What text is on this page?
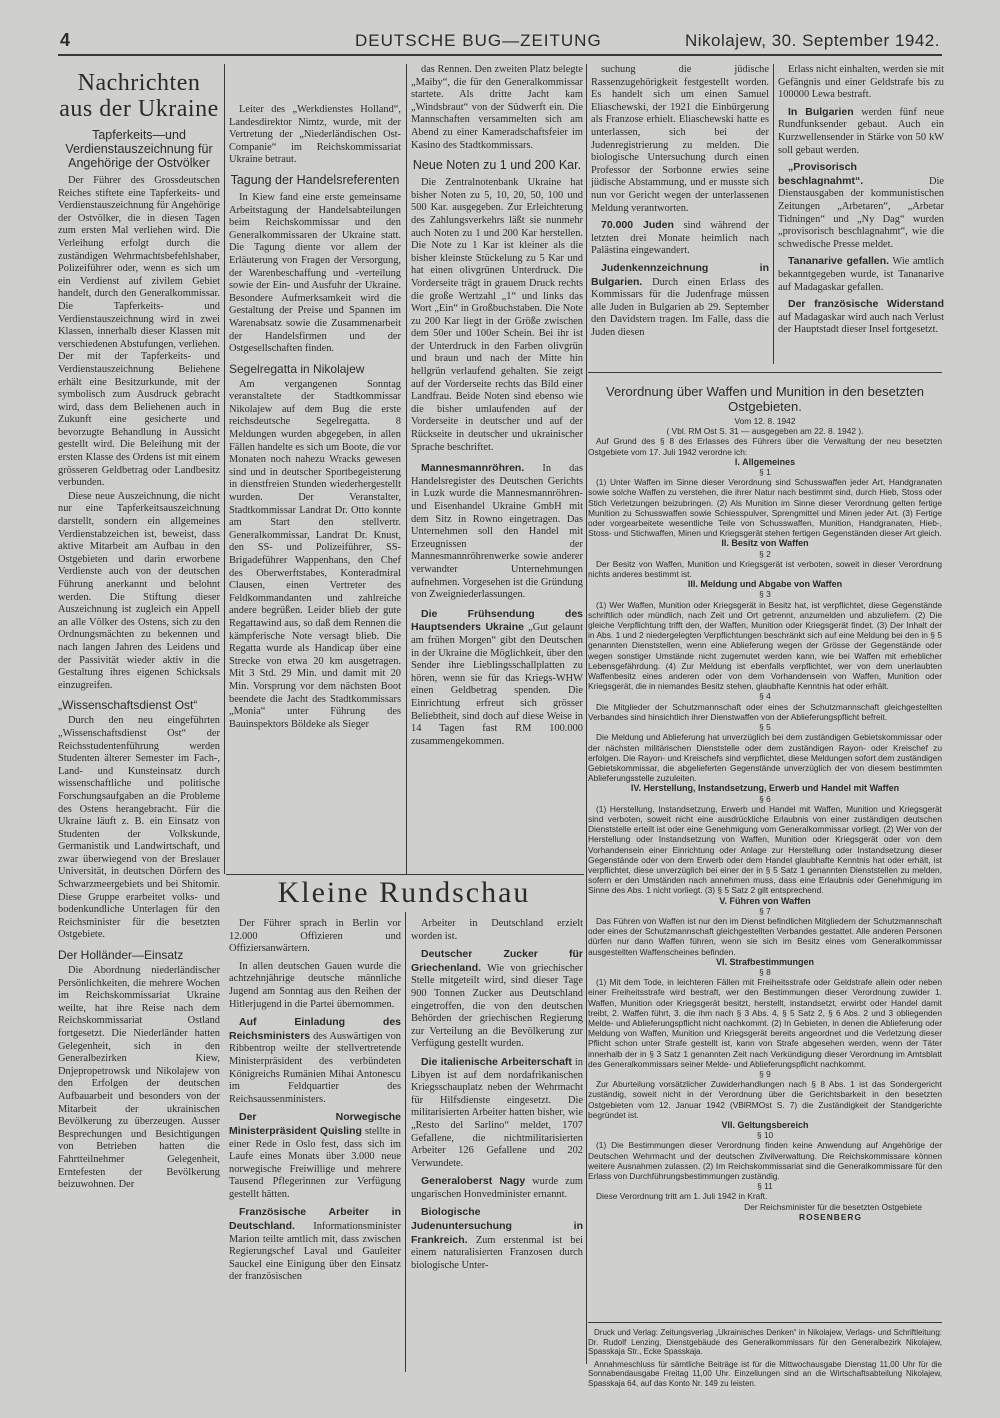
4	DEUTSCHE BUG—ZEITUNG	Nikolajew, 30. September 1942.
Nachrichten aus der Ukraine
Tapferkeits—und Verdienstauszeichnung für Angehörige der Ostvölker

Der Führer des Grossdeutschen Reiches stiftete eine Tapferkeits- und Verdienstauszeichnung für Angehörige der Ostvölker, die in diesen Tagen zum ersten Mal verliehen wird. Die Verleihung erfolgt durch die zuständigen Wehrmachtsbefehlshaber, Polizeiführer oder, wenn es sich um ein Verdienst auf zivilem Gebiet handelt, durch den Generalkommissar. Die Tapferkeits- und Verdienstauszeichnung wird in zwei Klassen, innerhalb dieser Klassen mit verschiedenen Abstufungen, verliehen. Der mit der Tapferkeits- und Verdienstauszeichnung Beliehene erhält eine Besitzurkunde, mit der symbolisch zum Ausdruck gebracht wird, dass dem Beliehenen auch in Zukunft eine gesicherte und bevorzugte Behandlung in Aussicht gestellt wird. Die Beleihung mit der ersten Klasse des Ordens ist mit einem grösseren Geldbetrag oder Landbesitz verbunden.

Diese neue Auszeichnung, die nicht nur eine Tapferkeitsauszeichnung darstellt, sondern ein allgemeines Verdienstabzeichen ist, beweist, dass aktive Mitarbeit am Aufbau in den Ostgebieten und darin erworbene Verdienste auch von der deutschen Führung anerkannt und belohnt werden. Die Stiftung dieser Auszeichnung ist zugleich ein Appell an alle Völker des Ostens, sich zu den Ordnungsmächten zu bekennen und nach langen Jahren des Leidens und der Passivität wieder aktiv in die Gestaltung ihres eigenen Schicksals einzugreifen.

„Wissenschaftsdienst Ost“

Durch den neu eingeführten „Wissenschaftsdienst Ost“ der Reichsstudentenführung werden Studenten älterer Semester im Fach-, Land- und Kunsteinsatz durch wissenschaftliche und politische Forschungsaufgaben an die Probleme des Ostens herangebracht. Für die Ukraine läuft z. B. ein Einsatz von Studenten der Volkskunde, Germanistik und Landwirtschaft, und zwar überwiegend von der Breslauer Universität, in deutschen Dörfern des Schwarzmeergebiets und bei Shitomir. Diese Gruppe erarbeitet volks- und bodenkundliche Unterlagen für den Reichsminister für die besetzten Ostgebiete.

Der Holländer—Einsatz

Die Abordnung niederländischer Persönlichkeiten, die mehrere Wochen im Reichskommissariat Ukraine weilte, hat ihre Reise nach dem Reichskommissariat Ostland fortgesetzt. Die Niederländer hatten Gelegenheit, sich in den Generalbezirken Kiew, Dnjepropetrowsk und Nikolajew von den Erfolgen der deutschen Aufbauarbeit und besonders von der Mitarbeit der ukrainischen Bevölkerung zu überzeugen. Ausser Besprechungen und Besichtigungen von Betrieben hatten die Fahrtteilnehmer Gelegenheit, Erntefesten der Bevölkerung beizuwohnen. Der

Leiter des „Werkdienstes Holland“, Landesdirektor Nimtz, wurde, mit der Vertretung der „Niederländischen Ost-Companie“ im Reichskommissariat Ukraine betraut.

Tagung der Handelsreferenten

In Kiew fand eine erste gemeinsame Arbeitstagung der Handelsabteilungen beim Reichskommissar und den Generalkommissaren der Ukraine statt. Die Tagung diente vor allem der Erläuterung von Fragen der Versorgung, der Warenbeschaffung und -verteilung sowie der Ein- und Ausfuhr der Ukraine. Besondere Aufmerksamkeit wird die Gestaltung der Preise und Spannen im Warenabsatz sowie die Zusammenarbeit der Handelsfirmen und der Ostgesellschaften finden.

Segelregatta in Nikolajew

Am vergangenen Sonntag veranstaltete der Stadtkommissar Nikolajew auf dem Bug die erste reichsdeutsche Segelregatta. 8 Meldungen wurden abgegeben, in allen Fällen handelte es sich um Boote, die vor Monaten noch nahezu Wracks gewesen sind und in deutscher Sportbegeisterung in dienstfreien Stunden wiederhergestellt wurden. Der Veranstalter, Stadtkommissar Landrat Dr. Otto konnte am Start den stellvertr. Generalkommissar, Landrat Dr. Knust, den SS- und Polizeiführer, SS-Brigadeführer Wappenhans, den Chef des Oberwerftstabes, Konteradmiral Clausen, einen Vertreter des Feldkommandanten und zahlreiche andere begrüßen. Leider blieb der gute Regattawind aus, so daß dem Rennen die kämpferische Note versagt blieb. Die Regatta wurde als Handicap über eine Strecke von etwa 20 km ausgetragen. Mit 3 Std. 29 Min. und damit mit 20 Min. Vorsprung vor dem nächsten Boot beendete die Jacht des Stadtkommissars „Monia“ unter Führung des Bauinspektors Böldeke als Sieger

das Rennen. Den zweiten Platz belegte „Maiby“, die für den Generalkommissar startete. Als dritte Jacht kam „Windsbraut“ von der Südwerft ein. Die Mannschaften versammelten sich am Abend zu einer Kameradschaftsfeier im Kasino des Stadtkommissars.

Neue Noten zu 1 und 200 Kar.

Die Zentralnotenbank Ukraine hat bisher Noten zu 5, 10, 20, 50, 100 und 500 Kar. ausgegeben. Zur Erleichterung des Zahlungsverkehrs läßt sie nunmehr auch Noten zu 1 und 200 Kar herstellen. Die Note zu 1 Kar ist kleiner als die bisher kleinste Stückelung zu 5 Kar und hat einen olivgrünen Unterdruck. Die Vorderseite trägt in grauem Druck rechts die große Wertzahl „1“ und links das Wort „Ein“ in Großbuchstaben. Die Note zu 200 Kar liegt in der Größe zwischen dem 50er und 100er Schein. Bei ihr ist der Unterdruck in den Farben olivgrün und braun und nach der Mitte hin hellgrün verlaufend gehalten. Sie zeigt auf der Vorderseite rechts das Bild einer Landfrau. Beide Noten sind ebenso wie die bisher umlaufenden auf der Vorderseite in deutscher und auf der Rückseite in deutscher und ukrainischer Sprache beschriftet.

Mannesmannröhren. In das Handelsregister des Deutschen Gerichts in Luzk wurde die Mannesmannröhren- und Eisenhandel Ukraine GmbH mit dem Sitz in Rowno eingetragen. Das Unternehmen soll den Handel mit Erzeugnissen der Mannesmannröhrenwerke sowie anderer verwandter Unternehmungen aufnehmen. Vorgesehen ist die Gründung von Zweigniederlassungen.

Die Frühsendung des Hauptsenders Ukraine „Gut gelaunt am frühen Morgen“ gibt den Deutschen in der Ukraine die Möglichkeit, über den Sender ihre Lieblingsschallplatten zu hören, wenn sie für das Kriegs-WHW einen Geldbetrag spenden. Die Einrichtung erfreut sich grösser Beliebtheit, sind doch auf diese Weise in 14 Tagen fast RM 100.000 zusammengekommen.

suchung die jüdische Rassenzugehörigkeit festgestellt worden. Es handelt sich um einen Samuel Eliaschewski, der 1921 die Einbürgerung als Franzose erhielt. Eliaschewski hatte es unterlassen, sich bei der Judenregistrierung zu melden. Die biologische Untersuchung durch einen Professor der Sorbonne erwies seine jüdische Abstammung, und er musste sich nun vor Gericht wegen der unterlassenen Meldung verantworten.

70.000 Juden sind während der letzten drei Monate heimlich nach Palästina eingewandert.

Judenkennzeichnung in Bulgarien. Durch einen Erlass des Kommissars für die Judenfrage müssen alle Juden in Bulgarien ab 29. September den Davidstern tragen. Im Falle, dass die Juden diesen

Erlass nicht einhalten, werden sie mit Gefängnis und einer Geldstrafe bis zu 100000 Lewa bestraft.

In Bulgarien werden fünf neue Rundfunksender gebaut. Auch ein Kurzwellensender in Stärke von 50 kW soll gebaut werden.

„Provisorisch beschlagnahmt“.	Die Dienstausgaben der kommunistischen Zeitungen „Arbetaren“, „Arbetar Tidningen“ und „Ny Dag“ wurden „provisorisch beschlagnahmt“, wie die schwedische Presse meldet.

Tananarive gefallen. Wie amtlich bekanntgegeben wurde, ist Tananarive auf Madagaskar gefallen.

Der französische Widerstand auf Madagaskar wird auch nach Verlust der Hauptstadt dieser Insel fortgesetzt.

Kleine Rundschau

Der Führer sprach in Berlin vor 12.000 Offizieren und Offiziersanwärtern.

In allen deutschen Gauen wurde die achtzehnjährige deutsche männliche Jugend am Sonntag aus den Reihen der Hitlerjugend in die Partei übernommen.

Auf Einladung des Reichsministers des Auswärtigen von Ribbentrop weilte der stellvertretende Ministerpräsident des verbündeten Königreichs Rumänien Mihai Antonescu im Feldquartier des Reichsaussenministers.

Der Norwegische Ministerpräsident Quisling stellte in einer Rede in Oslo fest, dass sich im Laufe eines Monats über 3.000 neue norwegische Freiwillige und mehrere Tausend Pflegerinnen zur Verfügung gestellt hätten.

Französische Arbeiter in Deutschland. Informationsminister Marion teilte amtlich mit, dass zwischen Regierungschef Laval und Gauleiter Sauckel eine Einigung über den Einsatz der französischen

Arbeiter in Deutschland erzielt worden ist.

Deutscher Zucker für Griechenland. Wie von griechischer Stelle mitgeteilt wird, sind dieser Tage 900 Tonnen Zucker aus Deutschland eingetroffen, die von den deutschen Behörden der griechischen Regierung zur Verteilung an die Bevölkerung zur Verfügung gestellt wurden.

Die italienische Arbeiterschaft in Libyen ist auf dem nordafrikanischen Kriegsschauplatz neben der Wehrmacht für Hilfsdienste eingesetzt. Die militarisierten Arbeiter hatten bisher, wie „Resto del Sarlino“ meldet, 1707 Gefallene, die nichtmilitarisierten Arbeiter 126 Gefallene und 202 Verwundete.

Generaloberst Nagy wurde zum ungarischen Honvedminister ernannt.

Biologische Judenuntersuchung in Frankreich. Zum erstenmal ist bei einem naturalisierten Franzosen durch biologische Unter-

Verordnung über Waffen und Munition in den besetzten Ostgebieten.
Vom 12. 8. 1942
( Vbl. RM Ost S. 31 — ausgegeben am 22. 8. 1942 ).

Auf Grund des § 8 des Erlasses des Führers über die Verwaltung der neu besetzten Ostgebiete vom 17. Juli 1942 verordne ich:

I. Allgemeines
§ 1

(1) Unter Waffen im Sinne dieser Verordnung sind Schusswaffen jeder Art, Handgranaten sowie solche Waffen zu verstehen, die ihrer Natur nach bestimmt sind, durch Hieb, Stoss oder Stich Verletzungen beizubringen. (2) Als Munition im Sinne dieser Verordnung gelten fertige Munition zu Schusswaffen sowie Schiesspulver, Sprengmittel und Minen jeder Art. (3) Fertige oder vorgearbeitete wesentliche Teile von Schusswaffen, Munition, Handgranaten, Hieb-, Stoss- und Stichwaffen, Minen und Kriegsgerät stehen fertigen Gegenständen dieser Art gleich.

II. Besitz von Waffen
§ 2

Der Besitz von Waffen, Munition und Kriegsgerät ist verboten, soweit in dieser Verordnung nichts anderes bestimmt ist.

III. Meldung und Abgabe von Waffen
§ 3

(1) Wer Waffen, Munition oder Kriegsgerät in Besitz hat, ist verpflichtet, diese Gegenstände schriftlich oder mündlich, nach Zeit und Ort getrennt, anzumelden und abzuliefern. (2) Die gleiche Verpflichtung trifft den, der Waffen, Munition oder Kriegsgerät findet. (3) Der Inhalt der in Abs. 1 und 2 niedergelegten Verpflichtungen beschränkt sich auf eine Meldung bei den in § 5 genannten Dienststellen, wenn eine Ablieferung wegen der Grösse der Gegenstände oder wegen sonstiger Umstände nicht zugemutet werden kann, wie bei Waffen mit erheblicher Lebensgefährdung. (4) Zur Meldung ist ebenfalls verpflichtet, wer von dem unerlaubten Waffenbesitz eines anderen oder von dem Vorhandensein von Waffen, Munition oder Kriegsgerät, die in niemandes Besitz stehen, glaubhafte Kenntnis hat oder erhält.

§ 4

Die Mitglieder der Schutzmannschaft oder eines der Schutzmannschaft gleichgestellten Verbandes sind hinsichtlich ihrer Dienstwaffen von der Ablieferungspflicht befreit.

§ 5

Die Meldung und Ablieferung hat unverzüglich bei dem zuständigen Gebietskommissar oder der nächsten militärischen Dienststelle oder dem zuständigen Rayon- oder Kreischef zu erfolgen. Die Rayon- und Kreischefs sind verpflichtet, diese Meldungen sofort dem zuständigen Gebietskommissar, die abgelieferten Gegenstände unverzüglich der von diesem bestimmten Ablieferungsstelle zuzuleiten.

IV. Herstellung, Instandsetzung, Erwerb und Handel mit Waffen
§ 6

(1) Herstellung, Instandsetzung, Erwerb und Handel mit Waffen, Munition und Kriegsgerät sind verboten, soweit nicht eine ausdrückliche Erlaubnis von einer zuständigen deutschen Dienststelle erteilt ist oder eine Genehmigung vom Generalkommissar vorliegt. (2) Wer von der Herstellung oder Instandsetzung von Waffen, Munition oder Kriegsgerät oder von dem Vorhandensein einer Einrichtung oder Anlage zur Herstellung oder Instandsetzung dieser Gegenstände oder von dem Erwerb oder dem Handel glaubhafte Kenntnis hat oder erhält, ist verpflichtet, diese unverzüglich bei einer der in § 5 Satz 1 genannten Dienststellen zu melden, sofern er den Umständen nach annehmen muss, dass eine Erlaubnis oder Genehmigung im Sinne des Abs. 1 nicht vorliegt. (3) § 5 Satz 2 gilt entsprechend.

V. Führen von Waffen
§ 7

Das Führen von Waffen ist nur den im Dienst befindlichen Mitgliedern der Schutzmannschaft oder eines der Schutzmannschaft gleichgestellten Verbandes gestattet. Alle anderen Personen dürfen nur dann Waffen führen, wenn sie sich im Besitz eines vom Generalkommissar ausgestellten Waffenscheines befinden.

VI. Strafbestimmungen
§ 8

(1) Mit dem Tode, in leichteren Fällen mit Freiheitsstrafe oder Geldstrafe allein oder neben einer Freiheitsstrafe wird bestraft, wer den Bestimmungen dieser Verordnung zuwider 1. Waffen, Munition oder Kriegsgerät besitzt, herstellt, instandsetzt, erwirbt oder Handel damit treibt, 2. Waffen führt, 3. die ihm nach § 3 Abs. 4, § 5 Satz 2, § 6 Abs. 2 und 3 obliegenden Melde- und Ablieferungspflicht nicht nachkommt. (2) In Gebieten, in denen die Ablieferung oder Meldung von Waffen, Munition und Kriegsgerät bereits angeordnet und die Verletzung dieser Pflicht schon unter Strafe gestellt ist, kann von Strafe abgesehen werden, wenn der Täter innerhalb der in § 3 Satz 1 genannten Zeit nach Verkündigung dieser Verordnung im Amtsblatt des Generalkommissars seiner Melde- und Ablieferungspflicht nachkommt.

§ 9

Zur Aburteilung vorsätzlicher Zuwiderhandlungen nach § 8 Abs. 1 ist das Sondergericht zuständig, soweit nicht in der Verordnung über die Gerichtsbarkeit in den besetzten Ostgebieten vom 12. Januar 1942 (VBlRMOst S. 7) die Zuständigkeit der Standgerichte begründet ist.

VII. Geltungsbereich
§ 10

(1) Die Bestimmungen dieser Verordnung finden keine Anwendung auf Angehörige der Deutschen Wehrmacht und der deutschen Zivilverwaltung. Die Reichskommissare können weitere Ausnahmen zulassen. (2) Im Reichskommissariat sind die Generalkommissare für den Erlass von Durchführungsbestimmungen zuständig.

§ 11

Diese Verordnung tritt am 1. Juli 1942 in Kraft.

Der Reichsminister für die besetzten Ostgebiete
ROSENBERG

Druck und Verlag: Zeitungsverlag „Ukrainisches Denken“ in Nikolajew, Verlags- und Schriftleitung: Dr. Rudolf Lenzing, Dienstgebäude des Generalkommissars für den Generalbezirk Nikolajew, Spasskaja Str., Ecke Spasskaja.

Annahmeschluss für sämtliche Beiträge ist für die Mittwochausgabe Dienstag 11,00 Uhr für die Sonnabendausgabe Freitag 11,00 Uhr. Einzellungen sind an die Wirtschaftsabteilung Nikolajew, Spasskaja 64, auf das Konto Nr. 149 zu leisten.
